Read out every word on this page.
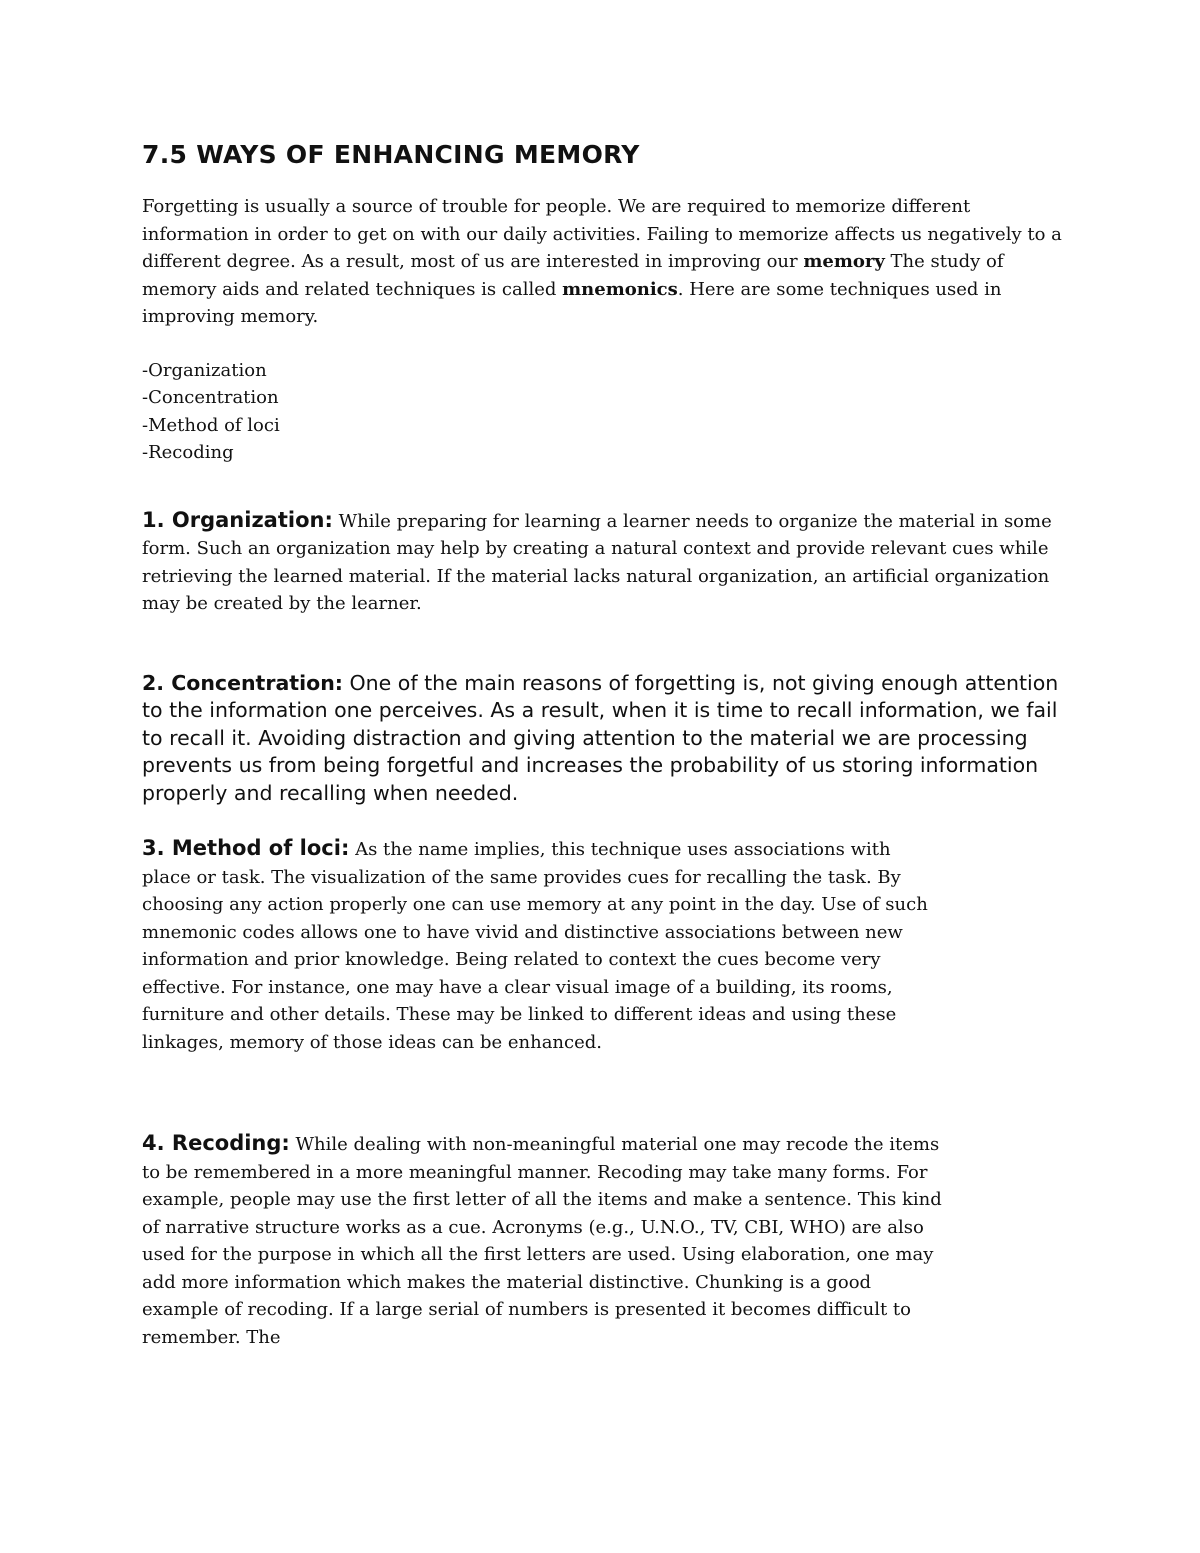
7.5 WAYS OF ENHANCING MEMORY

Forgetting is usually a source of trouble for people. We are required to memorize different information in order to get on with our daily activities. Failing to memorize affects us negatively to a different degree. As a result, most of us are interested in improving our memory The study of memory aids and related techniques is called mnemonics. Here are some techniques used in improving memory.

-Organization
-Concentration
-Method of loci
-Recoding

1. Organization: While preparing for learning a learner needs to organize the material in some form. Such an organization may help by creating a natural context and provide relevant cues while retrieving the learned material. If the material lacks natural organization, an artificial organization may be created by the learner.

2. Concentration: One of the main reasons of forgetting is, not giving enough attention to the information one perceives. As a result, when it is time to recall information, we fail to recall it. Avoiding distraction and giving attention to the material we are processing prevents us from being forgetful and increases the probability of us storing information properly and recalling when needed.

3. Method of loci: As the name implies, this technique uses associations with place or task. The visualization of the same provides cues for recalling the task. By choosing any action properly one can use memory at any point in the day. Use of such mnemonic codes allows one to have vivid and distinctive associations between new information and prior knowledge. Being related to context the cues become very effective. For instance, one may have a clear visual image of a building, its rooms, furniture and other details. These may be linked to different ideas and using these linkages, memory of those ideas can be enhanced.

4. Recoding: While dealing with non-meaningful material one may recode the items to be remembered in a more meaningful manner. Recoding may take many forms. For example, people may use the first letter of all the items and make a sentence. This kind of narrative structure works as a cue. Acronyms (e.g., U.N.O., TV, CBI, WHO) are also used for the purpose in which all the first letters are used. Using elaboration, one may add more information which makes the material distinctive. Chunking is a good example of recoding. If a large serial of numbers is presented it becomes difficult to remember. The
